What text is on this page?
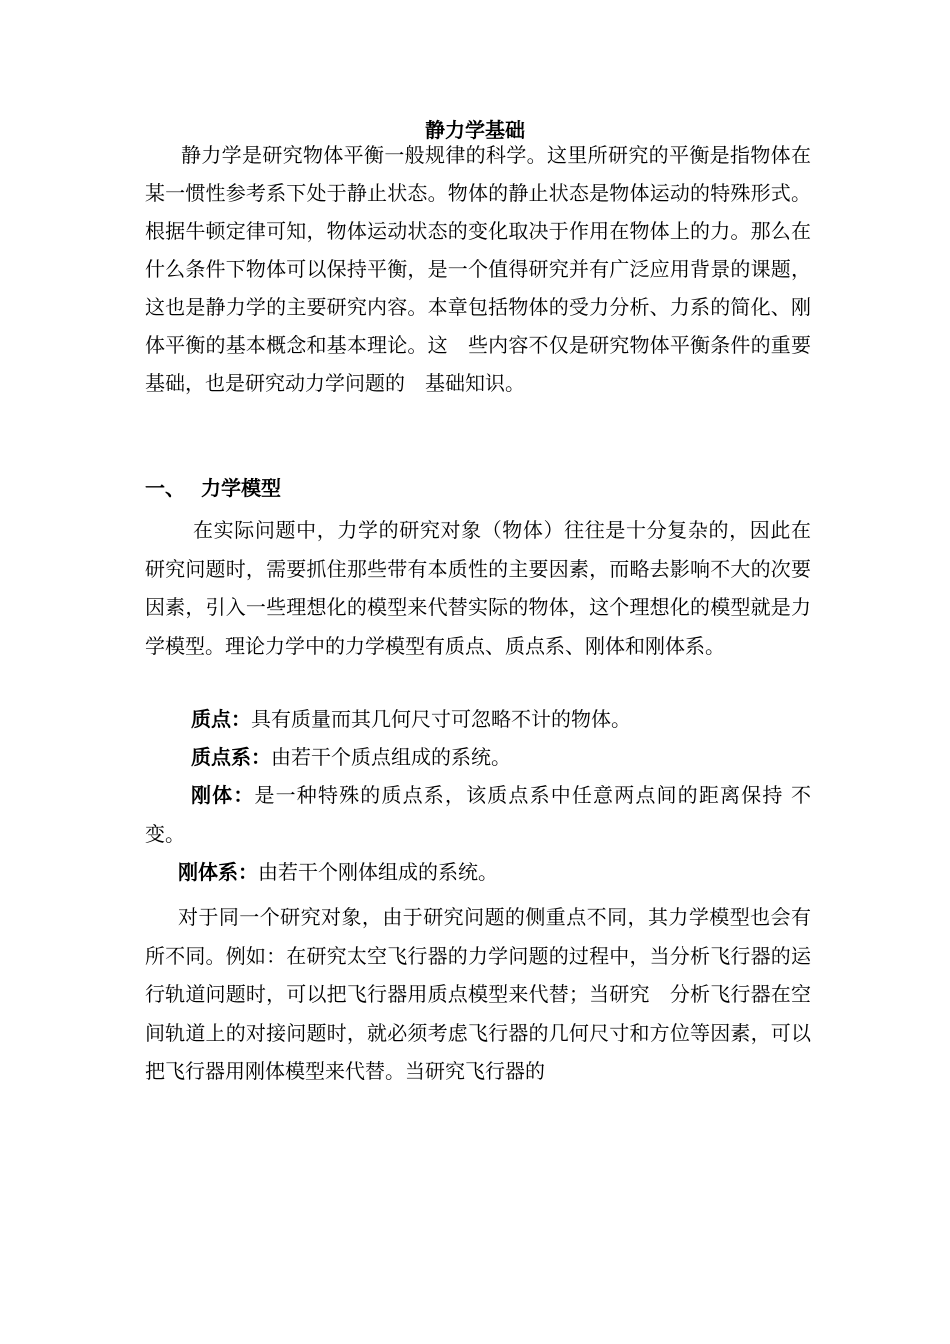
静力学基础

静力学是研究物体平衡一般规律的科学。这里所研究的平衡是指物体在某一惯性参考系下处于静止状态。物体的静止状态是物体运动的特殊形式。根据牛顿定律可知，物体运动状态的变化取决于作用在物体上的力。那么在什么条件下物体可以保持平衡，是一个值得研究并有广泛应用背景的课题，这也是静力学的主要研究内容。本章包括物体的受力分析、力系的简化、刚体平衡的基本概念和基本理论。这　些内容不仅是研究物体平衡条件的重要基础，也是研究动力学问题的　基础知识。

一、 力学模型

在实际问题中，力学的研究对象（物体）往往是十分复杂的，因此在研究问题时，需要抓住那些带有本质性的主要因素，而略去影响不大的次要因素，引入一些理想化的模型来代替实际的物体，这个理想化的模型就是力学模型。理论力学中的力学模型有质点、质点系、刚体和刚体系。

质点：具有质量而其几何尺寸可忽略不计的物体。
质点系：由若干个质点组成的系统。
刚体：是一种特殊的质点系，该质点系中任意两点间的距离保持 不变。
刚体系：由若干个刚体组成的系统。

对于同一个研究对象，由于研究问题的侧重点不同，其力学模型也会有所不同。例如：在研究太空飞行器的力学问题的过程中，当分析飞行器的运行轨道问题时，可以把飞行器用质点模型来代替；当研究　分析飞行器在空间轨道上的对接问题时，就必须考虑飞行器的几何尺寸和方位等因素，可以把飞行器用刚体模型来代替。当研究飞行器的
